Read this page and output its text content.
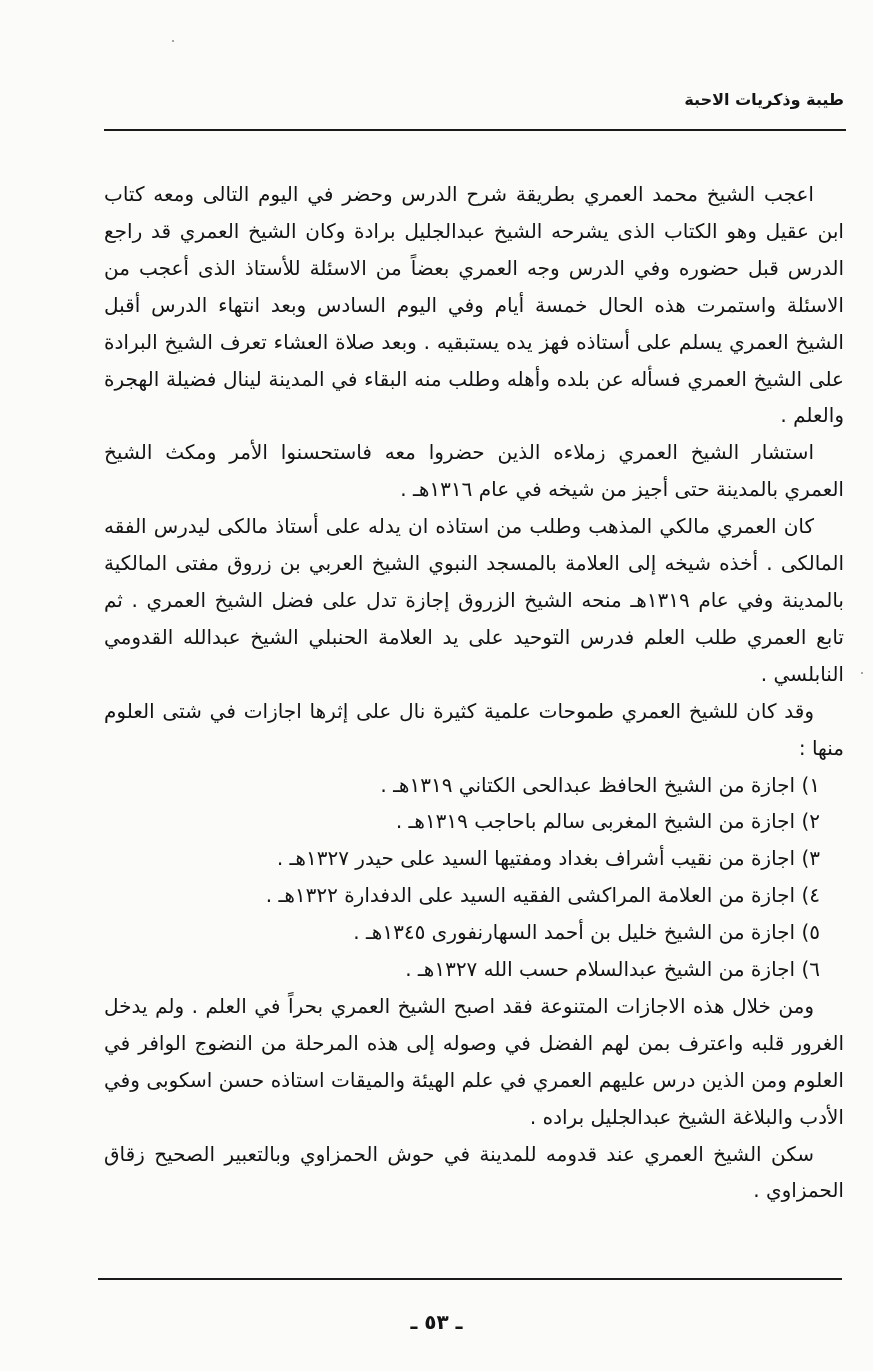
طيبة وذكريات الاحبة

اعجب الشيخ محمد العمري بطريقة شرح الدرس وحضر في اليوم التالى ومعه كتاب ابن عقيل وهو الكتاب الذى يشرحه الشيخ عبدالجليل برادة وكان الشيخ العمري قد راجع الدرس قبل حضوره وفي الدرس وجه العمري بعضاً من الاسئلة للأستاذ الذى أعجب من الاسئلة واستمرت هذه الحال خمسة أيام وفي اليوم السادس وبعد انتهاء الدرس أقبل الشيخ العمري يسلم على أستاذه فهز يده يستبقيه . وبعد صلاة العشاء تعرف الشيخ البرادة على الشيخ العمري فسأله عن بلده وأهله وطلب منه البقاء في المدينة لينال فضيلة الهجرة والعلم .

استشار الشيخ العمري زملاءه الذين حضروا معه فاستحسنوا الأمر ومكث الشيخ العمري بالمدينة حتى أجيز من شيخه في عام ١٣١٦هـ .

كان العمري مالكي المذهب وطلب من استاذه ان يدله على أستاذ مالكى ليدرس الفقه المالكى . أخذه شيخه إلى العلامة بالمسجد النبوي الشيخ العربي بن زروق مفتى المالكية بالمدينة وفي عام ١٣١٩هـ منحه الشيخ الزروق إجازة تدل على فضل الشيخ العمري . ثم تابع العمري طلب العلم فدرس التوحيد على يد العلامة الحنبلي الشيخ عبدالله القدومي النابلسي .

وقد كان للشيخ العمري طموحات علمية كثيرة نال على إثرها اجازات في شتى العلوم منها :

١) اجازة من الشيخ الحافظ عبدالحى الكتاني ١٣١٩هـ .
٢) اجازة من الشيخ المغربى سالم باحاجب ١٣١٩هـ .
٣) اجازة من نقيب أشراف بغداد ومفتيها السيد على حيدر ١٣٢٧هـ .
٤) اجازة من العلامة المراكشى الفقيه السيد على الدفدارة ١٣٢٢هـ .
٥) اجازة من الشيخ خليل بن أحمد السهارنفورى ١٣٤٥هـ .
٦) اجازة من الشيخ عبدالسلام حسب الله ١٣٢٧هـ .

ومن خلال هذه الاجازات المتنوعة فقد اصبح الشيخ العمري بحراً في العلم . ولم يدخل الغرور قلبه واعترف بمن لهم الفضل في وصوله إلى هذه المرحلة من النضوج الوافر في العلوم ومن الذين درس عليهم العمري في علم الهيئة والميقات استاذه حسن اسكوبى وفي الأدب والبلاغة الشيخ عبدالجليل براده .

سكن الشيخ العمري عند قدومه للمدينة في حوش الحمزاوي وبالتعبير الصحيح زقاق الحمزاوي .

ـ ٥٣ ـ
